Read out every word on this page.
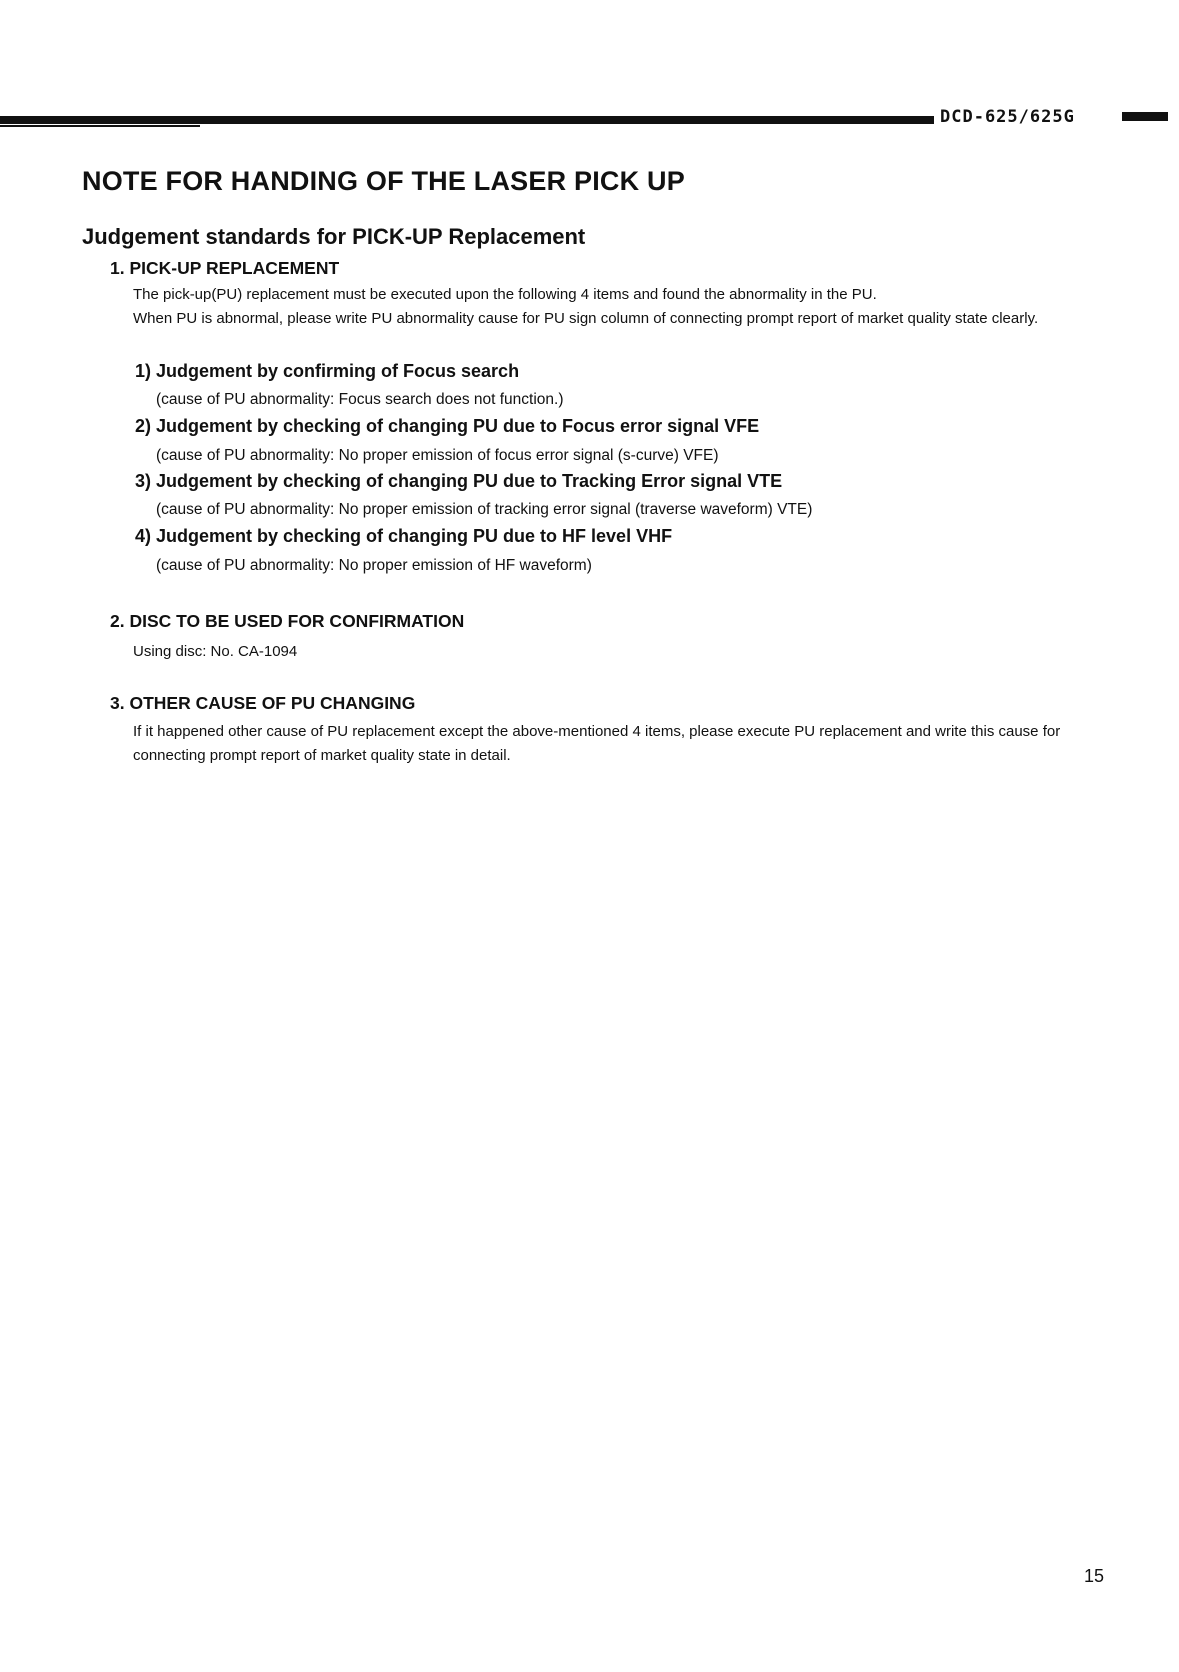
DCD-625/625G
NOTE FOR HANDING OF THE LASER PICK UP
Judgement standards for PICK-UP Replacement

1. PICK-UP REPLACEMENT

The pick-up(PU) replacement must be executed upon the following 4 items and found the abnormality in the PU.

When PU is abnormal, please write PU abnormality cause for PU sign column of connecting prompt report of market quality state clearly.

1) Judgement by confirming of Focus search

(cause of PU abnormality: Focus search does not function.)

2) Judgement by checking of changing PU due to Focus error signal VFE

(cause of PU abnormality: No proper emission of focus error signal (s-curve) VFE)

3) Judgement by checking of changing PU due to Tracking Error signal VTE

(cause of PU abnormality: No proper emission of tracking error signal (traverse waveform) VTE)

4) Judgement by checking of changing PU due to HF level VHF

(cause of PU abnormality: No proper emission of HF waveform)

2. DISC TO BE USED FOR CONFIRMATION

Using disc: No. CA-1094

3. OTHER CAUSE OF PU CHANGING

If it happened other cause of PU replacement except the above-mentioned 4 items, please execute PU replacement and write this cause for connecting prompt report of market quality state in detail.

15
